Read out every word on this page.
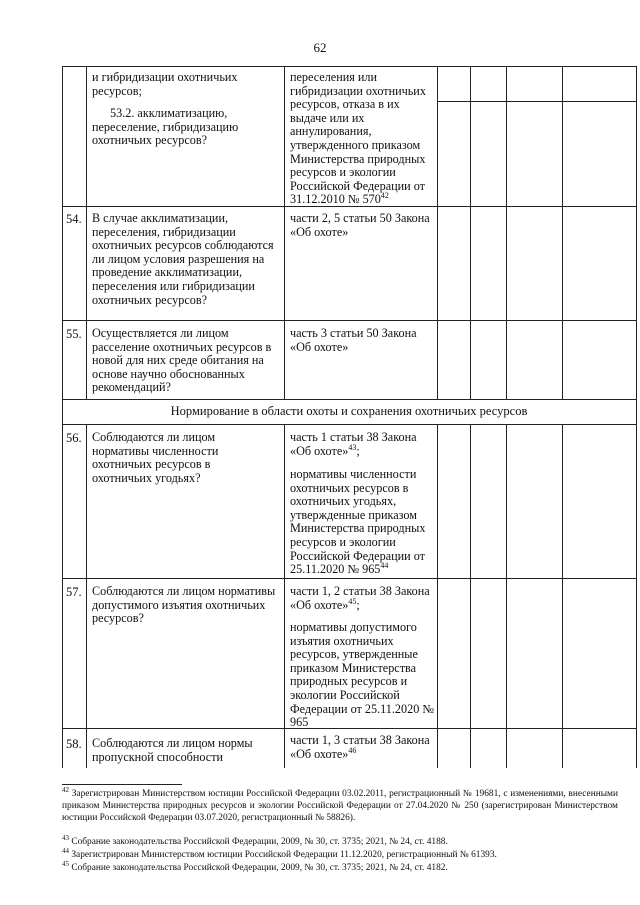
62
и гибридизации охотничьих ресурсов;
53.2. акклиматизацию, переселение, гибридизацию охотничьих ресурсов?
переселения или гибридизации охотничьих ресурсов, отказа в их выдаче или их аннулирования, утвержденного приказом Министерства природных ресурсов и экологии Российской Федерации от 31.12.2010 № $570^{42}$
54. В случае акклиматизации, переселения, гибридизации охотничьих ресурсов соблюдаются ли лицом условия разрешения на проведение акклиматизации, переселения или гибридизации охотничьих ресурсов?
части 2, 5 статьи 50 Закона «Об охоте»
55. Осуществляется ли лицом расселение охотничьих ресурсов в новой для них среде обитания на основе научно обоснованных рекомендаций?
часть 3 статьи 50 Закона «Об охоте»
Нормирование в области охоты и сохранения охотничьих ресурсов
56. Соблюдаются ли лицом нормативы численности охотничьих ресурсов в охотничьих угодьях?
часть 1 статьи 38 Закона «Об охоте»$^{43}$;
нормативы численности охотничьих ресурсов в охотничьих угодьях, утвержденные приказом Министерства природных ресурсов и экологии Российской Федерации от 25.11.2020 № $965^{44}$
57. Соблюдаются ли лицом нормативы допустимого изъятия охотничьих ресурсов?
части 1, 2 статьи 38 Закона «Об охоте»$^{45}$;
нормативы допустимого изъятия охотничьих ресурсов, утвержденные приказом Министерства природных ресурсов и экологии Российской Федерации от 25.11.2020 № 965
58. Соблюдаются ли лицом нормы пропускной способности
части 1, 3 статьи 38 Закона «Об охоте»$^{46}$
$^{42}$ Зарегистрирован Министерством юстиции Российской Федерации 03.02.2011, регистрационный № 19681, с изменениями, внесенными приказом Министерства природных ресурсов и экологии Российской Федерации от 27.04.2020 № 250 (зарегистрирован Министерством юстиции Российской Федерации 03.07.2020, регистрационный № 58826).
$^{43}$ Собрание законодательства Российской Федерации, 2009, № 30, ст. 3735; 2021, № 24, ст. 4188.
$^{44}$ Зарегистрирован Министерством юстиции Российской Федерации 11.12.2020, регистрационный № 61393.
$^{45}$ Собрание законодательства Российской Федерации, 2009, № 30, ст. 3735; 2021, № 24, ст. 4182.
